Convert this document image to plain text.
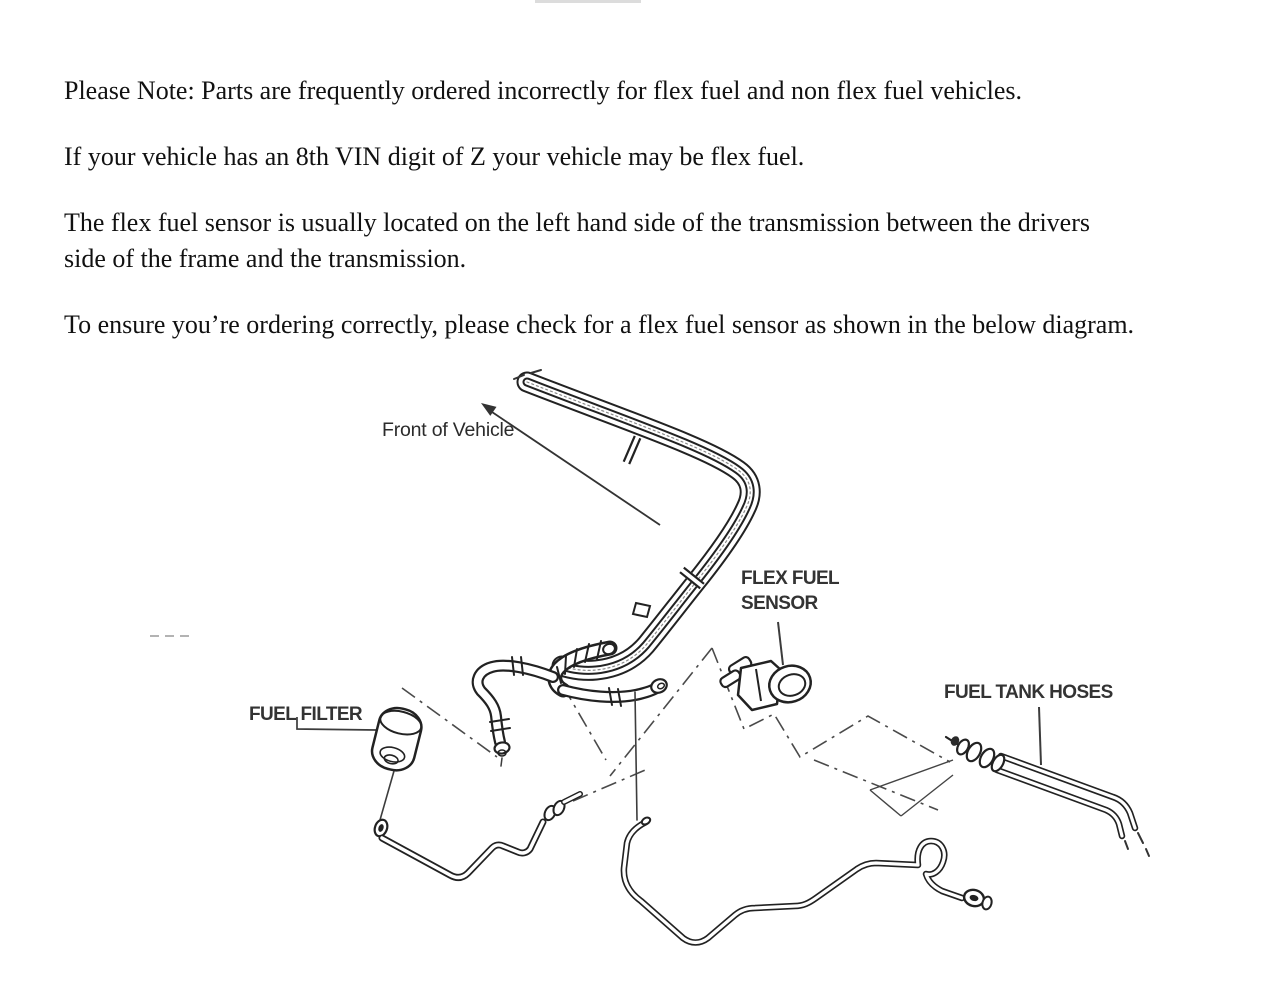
Please Note: Parts are frequently ordered incorrectly for flex fuel and non flex fuel vehicles.

If your vehicle has an 8th VIN digit of Z your vehicle may be flex fuel.

The flex fuel sensor is usually located on the left hand side of the transmission between the drivers
side of the frame and the transmission.

To ensure you’re ordering correctly, please check for a flex fuel sensor as shown in the below diagram.

Front of Vehicle
FLEX FUEL
SENSOR
FUEL TANK HOSES
FUEL FILTER
